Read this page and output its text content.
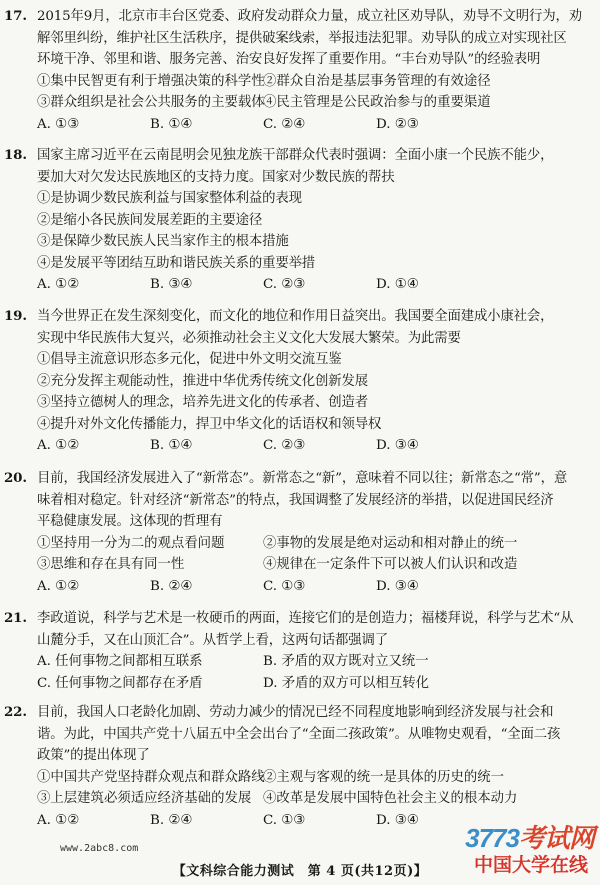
17. 2015年9月，北京市丰台区党委、政府发动群众力量，成立社区劝导队，劝导不文明行为，劝
解邻里纠纷，维护社区生活秩序，提供破案线索，举报违法犯罪。劝导队的成立对实现社区
环境干净、邻里和谐、服务完善、治安良好发挥了重要作用。“丰台劝导队”的经验表明
①集中民智更有利于增强决策的科学性
②群众自治是基层事务管理的有效途径
③群众组织是社会公共服务的主要载体
④民主管理是公民政治参与的重要渠道
A. ①③	B. ①④	C. ②④	D. ②③
18. 国家主席习近平在云南昆明会见独龙族干部群众代表时强调：全面小康一个民族不能少，
要加大对欠发达民族地区的支持力度。国家对少数民族的帮扶
①是协调少数民族利益与国家整体利益的表现
②是缩小各民族间发展差距的主要途径
③是保障少数民族人民当家作主的根本措施
④是发展平等团结互助和谐民族关系的重要举措
A. ①②	B. ③④	C. ②③	D. ①④
19. 当今世界正在发生深刻变化，而文化的地位和作用日益突出。我国要全面建成小康社会，
实现中华民族伟大复兴，必须推动社会主义文化大发展大繁荣。为此需要
①倡导主流意识形态多元化，促进中外文明交流互鉴
②充分发挥主观能动性，推进中华优秀传统文化创新发展
③坚持立德树人的理念，培养先进文化的传承者、创造者
④提升对外文化传播能力，捍卫中华文化的话语权和领导权
A. ①②	B. ①④	C. ②③	D. ③④
20. 目前，我国经济发展进入了“新常态”。新常态之“新”，意味着不同以往；新常态之“常”，意
味着相对稳定。针对经济“新常态”的特点，我国调整了发展经济的举措，以促进国民经济
平稳健康发展。这体现的哲理有
①坚持用一分为二的观点看问题	②事物的发展是绝对运动和相对静止的统一
③思维和存在具有同一性	④规律在一定条件下可以被人们认识和改造
A. ①②	B. ②④	C. ①③	D. ③④
21. 李政道说，科学与艺术是一枚硬币的两面，连接它们的是创造力；福楼拜说，科学与艺术“从
山麓分手，又在山顶汇合”。从哲学上看，这两句话都强调了
A. 任何事物之间都相互联系	B. 矛盾的双方既对立又统一
C. 任何事物之间都存在矛盾	D. 矛盾的双方可以相互转化
22. 目前，我国人口老龄化加剧、劳动力减少的情况已经不同程度地影响到经济发展与社会和
谐。为此，中国共产党十八届五中全会出台了“全面二孩政策”。从唯物史观看，“全面二孩
政策”的提出体现了
①中国共产党坚持群众观点和群众路线
②主观与客观的统一是具体的历史的统一
③上层建筑必须适应经济基础的发展 ④改革是发展中国特色社会主义的根本动力
A. ①②	B. ②④	C. ①③	D. ③④
www.2abc8.com	3773考试网
中国大学在线
【文科综合能力测试　第 4 页(共12页)】
